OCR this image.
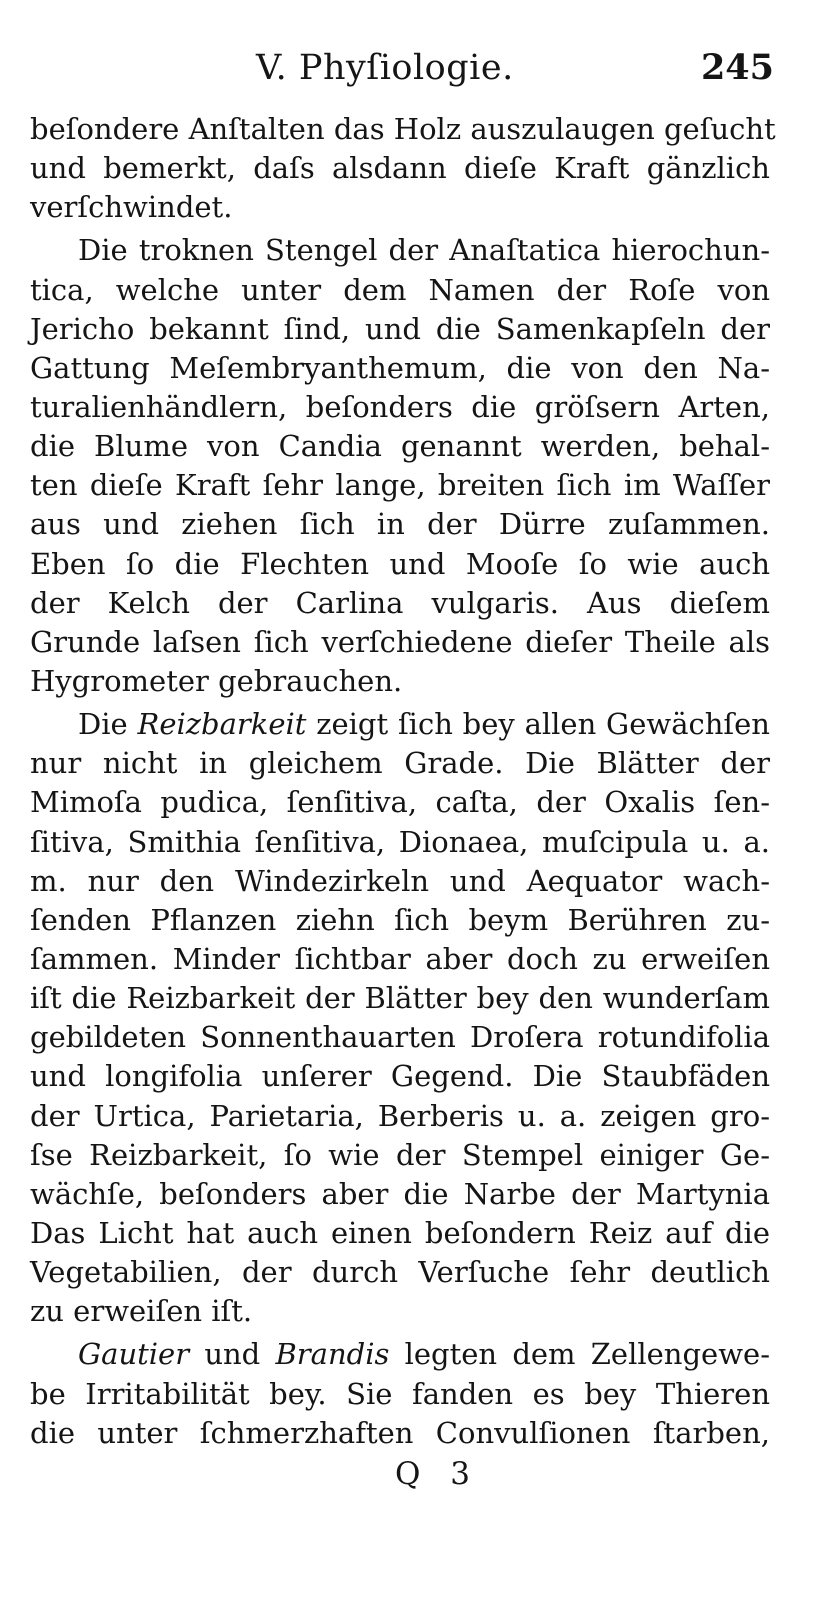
V. Phyſiologie.	245

beſondere Anſtalten das Holz auszulaugen geſucht
und bemerkt, daſs alsdann dieſe Kraft gänzlich
verſchwindet.

Die troknen Stengel der Anaſtatica hierochun-
tica, welche unter dem Namen der Roſe von
Jericho bekannt ſind, und die Samenkapſeln der
Gattung Meſembryanthemum, die von den Na-
turalienhändlern, beſonders die gröſsern Arten,
die Blume von Candia genannt werden, behal-
ten dieſe Kraft ſehr lange, breiten ſich im Waſſer
aus und ziehen ſich in der Dürre zuſammen.
Eben ſo die Flechten und Mooſe ſo wie auch
der Kelch der Carlina vulgaris. Aus dieſem
Grunde laſsen ſich verſchiedene dieſer Theile als
Hygrometer gebrauchen.

Die Reizbarkeit zeigt ſich bey allen Gewächſen
nur nicht in gleichem Grade. Die Blätter der
Mimoſa pudica, ſenſitiva, caſta, der Oxalis ſen-
ſitiva, Smithia ſenſitiva, Dionaea, muſcipula u. a.
m. nur den Windezirkeln und Aequator wach-
ſenden Pflanzen ziehn ſich beym Berühren zu-
ſammen. Minder ſichtbar aber doch zu erweiſen
iſt die Reizbarkeit der Blätter bey den wunderſam
gebildeten Sonnenthauarten Droſera rotundifolia
und longifolia unſerer Gegend. Die Staubfäden
der Urtica, Parietaria, Berberis u. a. zeigen gro-
ſse Reizbarkeit, ſo wie der Stempel einiger Ge-
wächſe, beſonders aber die Narbe der Martynia
Das Licht hat auch einen beſondern Reiz auf die
Vegetabilien, der durch Verſuche ſehr deutlich
zu erweiſen iſt.

Gautier und Brandis legten dem Zellengewe-
be Irritabilität bey. Sie fanden es bey Thieren
die unter ſchmerzhaften Convulſionen ſtarben,

Q 3
